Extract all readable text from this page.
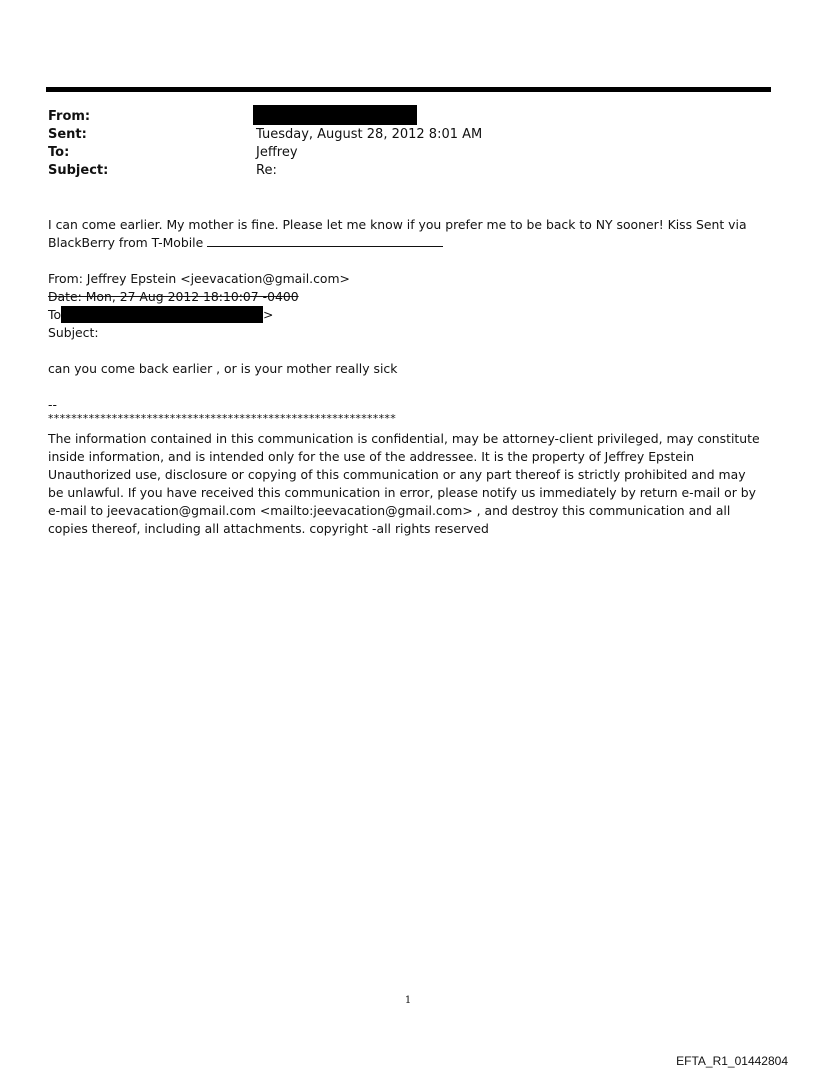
From:
Sent:	Tuesday, August 28, 2012 8:01 AM
To:	Jeffrey
Subject:	Re:
I can come earlier. My mother is fine. Please let me know if you prefer me to be back to NY sooner! Kiss Sent via BlackBerry from T-Mobile
From: Jeffrey Epstein <jeevacation@gmail.com>
Date: Mon, 27 Aug 2012 18:10:07 -0400
To	>
Subject:
can you come back earlier , or is your mother really sick
--
************************************************************
The information contained in this communication is confidential, may be attorney-client privileged, may constitute inside information, and is intended only for the use of the addressee. It is the property of Jeffrey Epstein Unauthorized use, disclosure or copying of this communication or any part thereof is strictly prohibited and may be unlawful. If you have received this communication in error, please notify us immediately by return e-mail or by e-mail to jeevacation@gmail.com <mailto:jeevacation@gmail.com> , and destroy this communication and all copies thereof, including all attachments. copyright -all rights reserved
1
EFTA_R1_01442804
